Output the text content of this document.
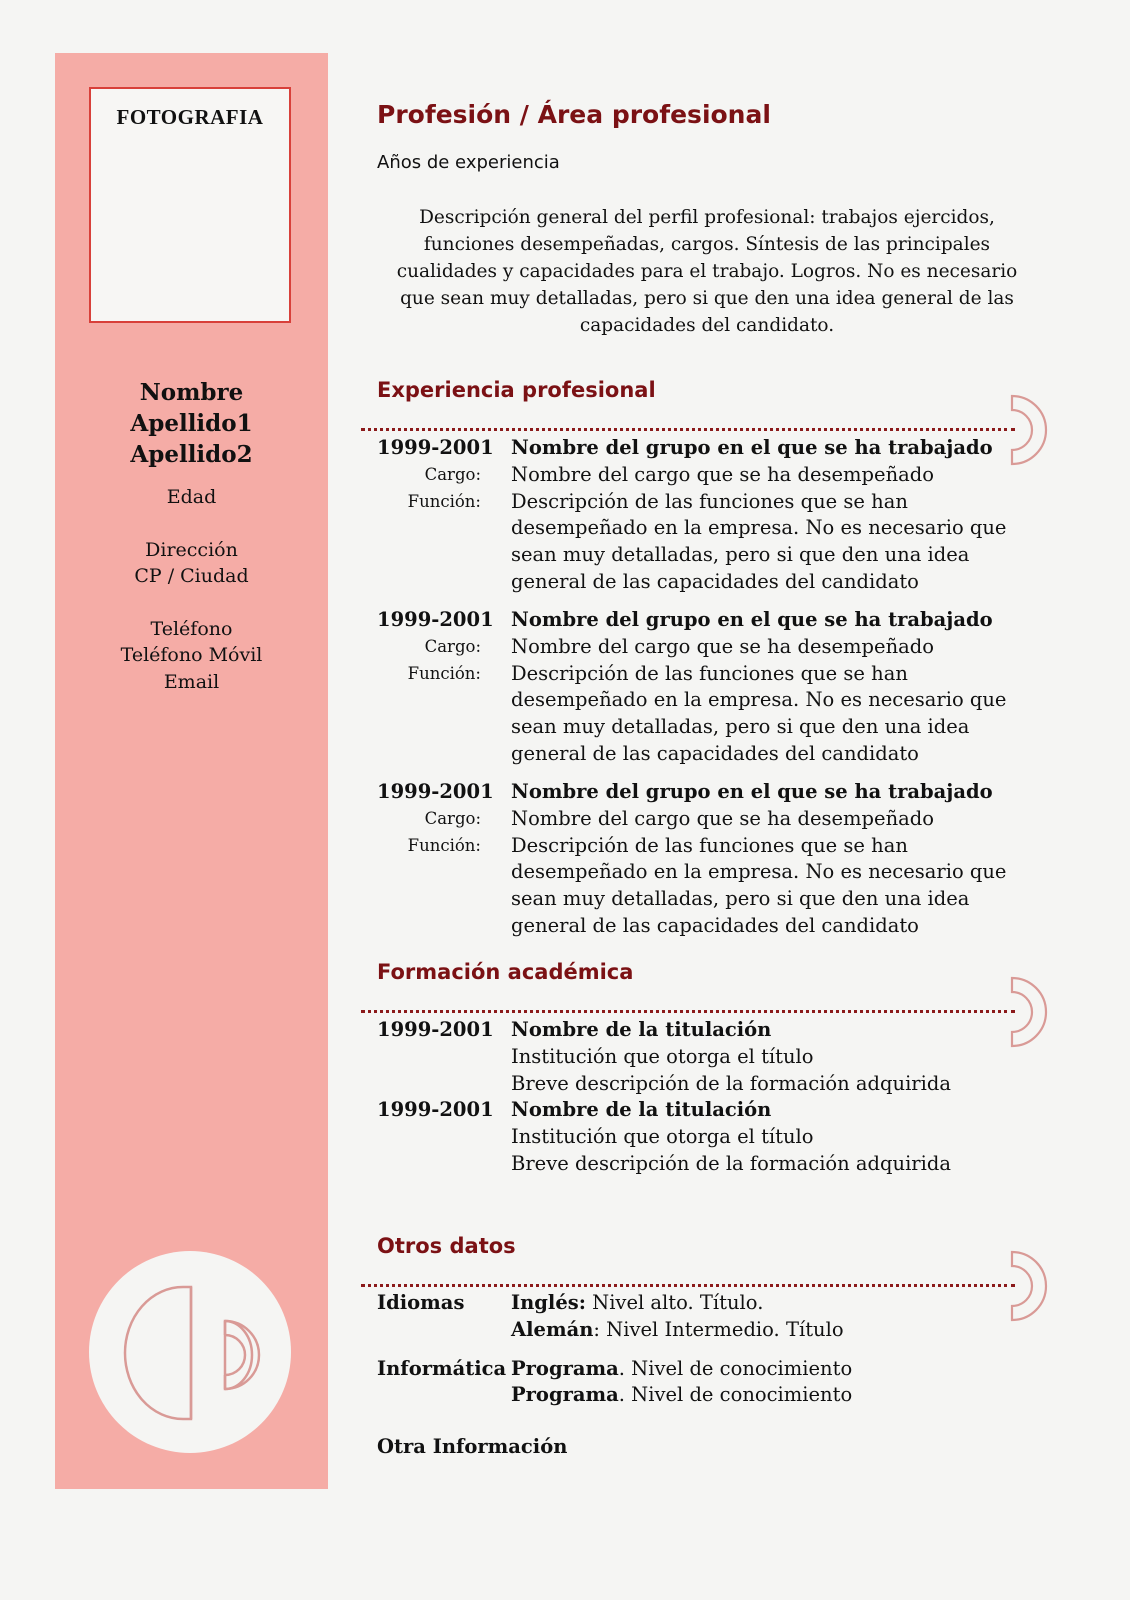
FOTOGRAFIA
Nombre
Apellido1
Apellido2
Edad
Dirección
CP / Ciudad
Teléfono
Teléfono Móvil
Email
Profesión / Área profesional
Años de experiencia
Descripción general del perfil profesional: trabajos ejercidos, funciones desempeñadas, cargos. Síntesis de las principales cualidades y capacidades para el trabajo. Logros. No es necesario que sean muy detalladas, pero si que den una idea general de las capacidades del candidato.
Experiencia profesional
1999-2001 Nombre del grupo en el que se ha trabajado
Cargo:	Nombre del cargo que se ha desempeñado
Función:	Descripción de las funciones que se han
desempeñado en la empresa. No es necesario que
sean muy detalladas, pero si que den una idea
general de las capacidades del candidato
1999-2001 Nombre del grupo en el que se ha trabajado
Cargo:	Nombre del cargo que se ha desempeñado
Función:	Descripción de las funciones que se han
desempeñado en la empresa. No es necesario que
sean muy detalladas, pero si que den una idea
general de las capacidades del candidato
1999-2001 Nombre del grupo en el que se ha trabajado
Cargo:	Nombre del cargo que se ha desempeñado
Función:	Descripción de las funciones que se han
desempeñado en la empresa. No es necesario que
sean muy detalladas, pero si que den una idea
general de las capacidades del candidato
Formación académica
1999-2001 Nombre de la titulación
Institución que otorga el título
Breve descripción de la formación adquirida
1999-2001 Nombre de la titulación
Institución que otorga el título
Breve descripción de la formación adquirida
Otros datos
Idiomas	Inglés: Nivel alto. Título.
Alemán: Nivel Intermedio. Título
Informática Programa. Nivel de conocimiento
Programa. Nivel de conocimiento
Otra Información
